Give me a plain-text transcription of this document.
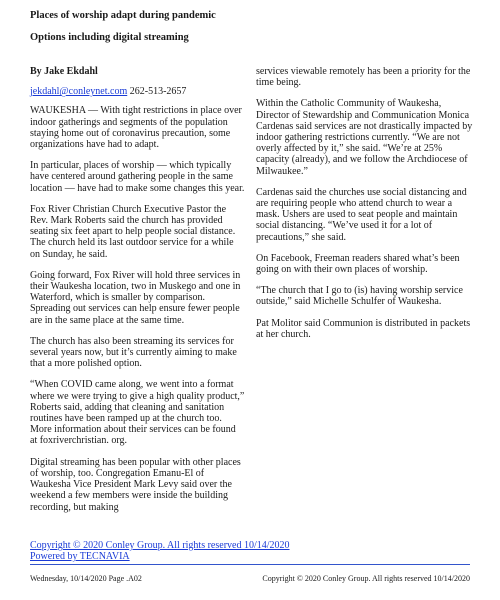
Places of worship adapt during pandemic
Options including digital streaming
By Jake Ekdahl
jekdahl@conleynet.com 262-513-2657

WAUKESHA — With tight restrictions in place over indoor gatherings and segments of the population staying home out of coronavirus precaution, some organizations have had to adapt.

In particular, places of worship — which typically have centered around gathering people in the same location — have had to make some changes this year.

Fox River Christian Church Executive Pastor the Rev. Mark Roberts said the church has provided seating six feet apart to help people social distance. The church held its last outdoor service for a while on Sunday, he said.

Going forward, Fox River will hold three services in their Waukesha location, two in Muskego and one in Waterford, which is smaller by comparison. Spreading out services can help ensure fewer people are in the same place at the same time.

The church has also been streaming its services for several years now, but it’s currently aiming to make that a more polished option.

“When COVID came along, we went into a format where we were trying to give a high quality product,” Roberts said, adding that cleaning and sanitation routines have been ramped up at the church too. More information about their services can be found at foxriverchristian. org.

Digital streaming has been popular with other places of worship, too. Congregation Emanu-El of Waukesha Vice President Mark Levy said over the weekend a few members were inside the building recording, but making

services viewable remotely has been a priority for the time being.

Within the Catholic Community of Waukesha, Director of Stewardship and Communication Monica Cardenas said services are not drastically impacted by indoor gathering restrictions currently. “We are not overly affected by it,” she said. “We’re at 25% capacity (already), and we follow the Archdiocese of Milwaukee.”

Cardenas said the churches use social distancing and are requiring people who attend church to wear a mask. Ushers are used to seat people and maintain social distancing. “We’ve used it for a lot of precautions,” she said.

On Facebook, Freeman readers shared what’s been going on with their own places of worship.

“The church that I go to (is) having worship service outside,” said Michelle Schulfer of Waukesha.

Pat Molitor said Communion is distributed in packets at her church.

Copyright © 2020 Conley Group. All rights reserved 10/14/2020
Powered by TECNAVIA
Wednesday, 10/14/2020 Page .A02	Copyright © 2020 Conley Group. All rights reserved 10/14/2020
